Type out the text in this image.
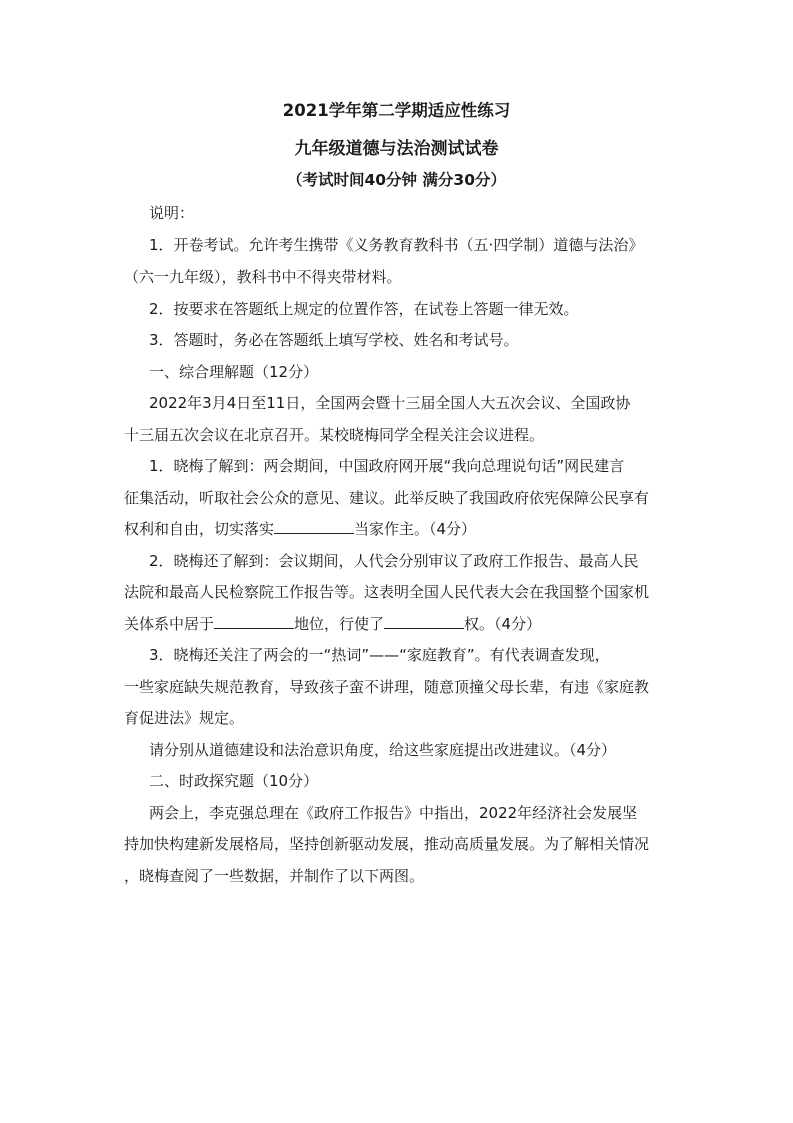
2021学年第二学期适应性练习
九年级道德与法治测试试卷
（考试时间40分钟 满分30分）
说明：
1．开卷考试。允许考生携带《义务教育教科书（五·四学制）道德与法治》
（六一九年级），教科书中不得夹带材料。
2．按要求在答题纸上规定的位置作答，在试卷上答题一律无效。
3．答题时，务必在答题纸上填写学校、姓名和考试号。
一、综合理解题（12分）
2022年3月4日至11日，全国两会暨十三届全国人大五次会议、全国政协
十三届五次会议在北京召开。某校晓梅同学全程关注会议进程。
1．晓梅了解到：两会期间，中国政府网开展“我向总理说句话”网民建言
征集活动，听取社会公众的意见、建议。此举反映了我国政府依宪保障公民享有
权利和自由，切实落实	当家作主。（4分）
2．晓梅还了解到：会议期间，人代会分别审议了政府工作报告、最高人民
法院和最高人民检察院工作报告等。这表明全国人民代表大会在我国整个国家机
关体系中居于	地位，行使了	权。（4分）
3．晓梅还关注了两会的一“热词”——“家庭教育”。有代表调查发现，
一些家庭缺失规范教育，导致孩子蛮不讲理，随意顶撞父母长辈，有违《家庭教
育促进法》规定。
请分别从道德建设和法治意识角度，给这些家庭提出改进建议。（4分）
二、时政探究题（10分）
两会上，李克强总理在《政府工作报告》中指出，2022年经济社会发展坚
持加快构建新发展格局，坚持创新驱动发展，推动高质量发展。为了解相关情况
，晓梅查阅了一些数据，并制作了以下两图。
